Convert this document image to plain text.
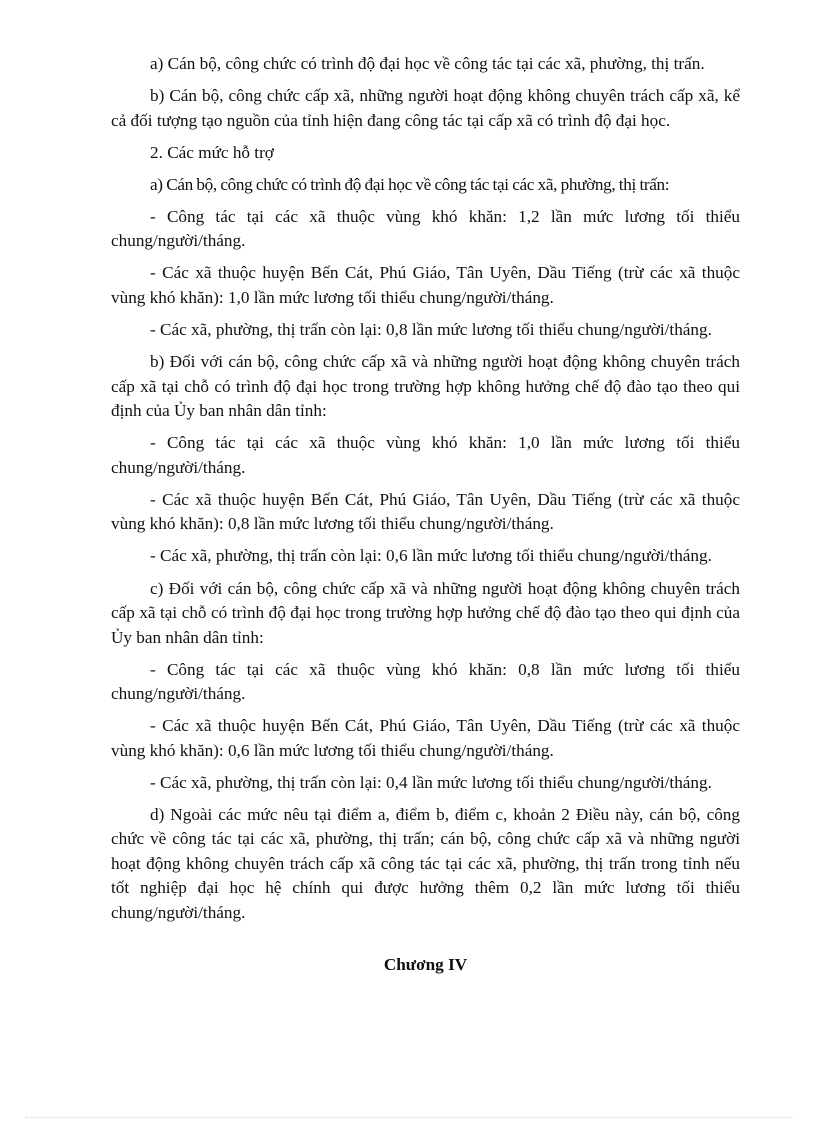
a) Cán bộ, công chức có trình độ đại học về công tác tại các xã, phường, thị trấn.

b) Cán bộ, công chức cấp xã, những người hoạt động không chuyên trách cấp xã, kể cả đối tượng tạo nguồn của tỉnh hiện đang công tác tại cấp xã có trình độ đại học.

2. Các mức hỗ trợ

a) Cán bộ, công chức có trình độ đại học về công tác tại các xã, phường, thị trấn:

- Công tác tại các xã thuộc vùng khó khăn: 1,2 lần mức lương tối thiểu chung/người/tháng.

- Các xã thuộc huyện Bến Cát, Phú Giáo, Tân Uyên, Dầu Tiếng (trừ các xã thuộc vùng khó khăn): 1,0 lần mức lương tối thiểu chung/người/tháng.

- Các xã, phường, thị trấn còn lại: 0,8 lần mức lương tối thiểu chung/người/tháng.

b) Đối với cán bộ, công chức cấp xã và những người hoạt động không chuyên trách cấp xã tại chỗ có trình độ đại học trong trường hợp không hưởng chế độ đào tạo theo qui định của Ủy ban nhân dân tỉnh:

- Công tác tại các xã thuộc vùng khó khăn: 1,0 lần mức lương tối thiểu chung/người/tháng.

- Các xã thuộc huyện Bến Cát, Phú Giáo, Tân Uyên, Dầu Tiếng (trừ các xã thuộc vùng khó khăn): 0,8 lần mức lương tối thiểu chung/người/tháng.

- Các xã, phường, thị trấn còn lại: 0,6 lần mức lương tối thiểu chung/người/tháng.

c) Đối với cán bộ, công chức cấp xã và những người hoạt động không chuyên trách cấp xã tại chỗ có trình độ đại học trong trường hợp hưởng chế độ đào tạo theo qui định của Ủy ban nhân dân tỉnh:

- Công tác tại các xã thuộc vùng khó khăn: 0,8 lần mức lương tối thiểu chung/người/tháng.

- Các xã thuộc huyện Bến Cát, Phú Giáo, Tân Uyên, Dầu Tiếng (trừ các xã thuộc vùng khó khăn): 0,6 lần mức lương tối thiểu chung/người/tháng.

- Các xã, phường, thị trấn còn lại: 0,4 lần mức lương tối thiểu chung/người/tháng.

d) Ngoài các mức nêu tại điểm a, điểm b, điểm c, khoản 2 Điều này, cán bộ, công chức về công tác tại các xã, phường, thị trấn; cán bộ, công chức cấp xã và những người hoạt động không chuyên trách cấp xã công tác tại các xã, phường, thị trấn trong tỉnh nếu tốt nghiệp đại học hệ chính qui được hưởng thêm 0,2 lần mức lương tối thiểu chung/người/tháng.

Chương IV
